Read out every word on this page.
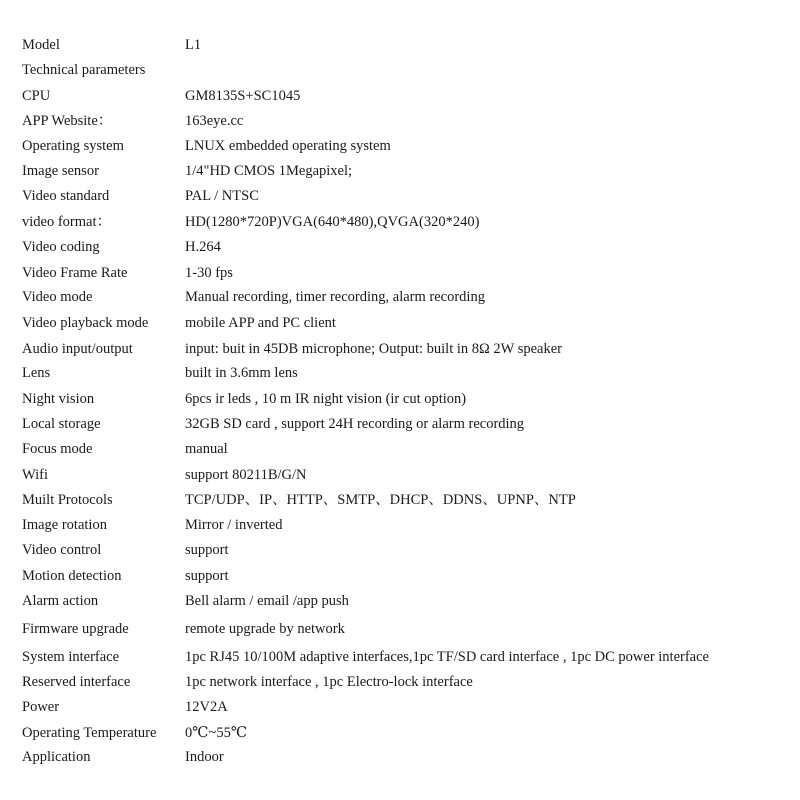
Model	L1
Technical parameters
CPU	GM8135S+SC1045
APP Website：	163eye.cc
Operating system	LNUX embedded operating system
Image sensor	1/4"HD CMOS 1Megapixel;
Video standard	PAL / NTSC
video format：	HD(1280*720P)VGA(640*480),QVGA(320*240)
Video coding	H.264
Video Frame Rate	1-30 fps
Video mode	Manual recording, timer recording, alarm recording
Video playback mode	mobile APP and PC client
Audio input/output	input: buit in 45DB microphone; Output: built in 8Ω 2W speaker
Lens	built in 3.6mm lens
Night vision	6pcs ir leds , 10 m IR night vision (ir cut option)
Local storage	32GB SD card , support 24H recording or alarm recording
Focus mode	manual
Wifi	support 80211B/G/N
Muilt Protocols	TCP/UDP、IP、HTTP、SMTP、DHCP、DDNS、UPNP、NTP
Image rotation	Mirror / inverted
Video control	support
Motion detection	support
Alarm action	Bell alarm / email /app push
Firmware upgrade	remote upgrade by network
System interface	1pc RJ45 10/100M adaptive interfaces,1pc TF/SD card interface , 1pc DC power interface
Reserved interface	1pc network interface , 1pc Electro-lock interface
Power	12V2A
Operating Temperature 0℃~55℃
Application	Indoor
